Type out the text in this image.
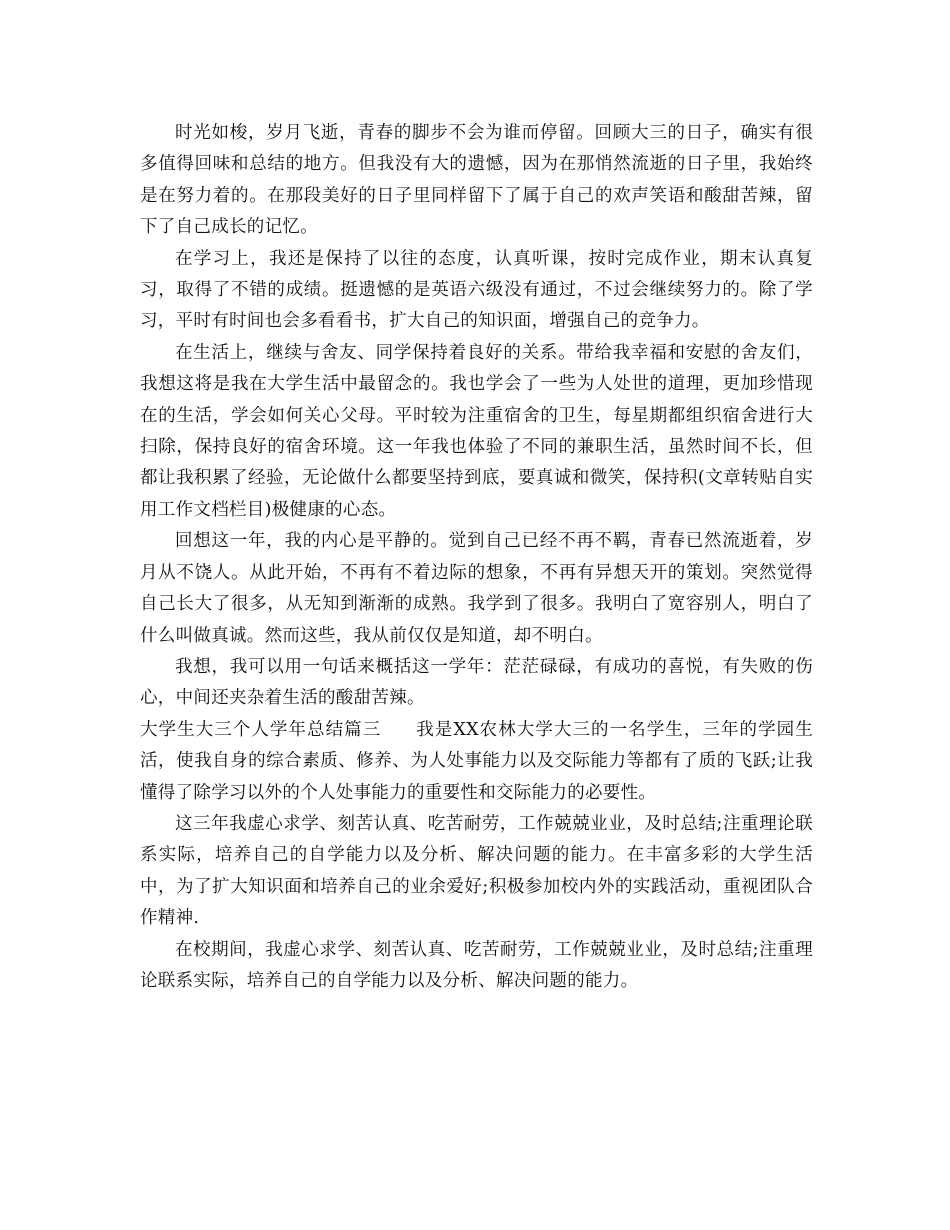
时光如梭，岁月飞逝，青春的脚步不会为谁而停留。回顾大三的日子，确实有很多值得回味和总结的地方。但我没有大的遗憾，因为在那悄然流逝的日子里，我始终是在努力着的。在那段美好的日子里同样留下了属于自己的欢声笑语和酸甜苦辣，留下了自己成长的记忆。

在学习上，我还是保持了以往的态度，认真听课，按时完成作业，期末认真复习，取得了不错的成绩。挺遗憾的是英语六级没有通过，不过会继续努力的。除了学习，平时有时间也会多看看书，扩大自己的知识面，增强自己的竞争力。

在生活上，继续与舍友、同学保持着良好的关系。带给我幸福和安慰的舍友们，我想这将是我在大学生活中最留念的。我也学会了一些为人处世的道理，更加珍惜现在的生活，学会如何关心父母。平时较为注重宿舍的卫生，每星期都组织宿舍进行大扫除，保持良好的宿舍环境。这一年我也体验了不同的兼职生活，虽然时间不长，但都让我积累了经验，无论做什么都要坚持到底，要真诚和微笑，保持积(文章转贴自实用工作文档栏目)极健康的心态。

回想这一年，我的内心是平静的。觉到自己已经不再不羁，青春已然流逝着，岁月从不饶人。从此开始，不再有不着边际的想象，不再有异想天开的策划。突然觉得自己长大了很多，从无知到渐渐的成熟。我学到了很多。我明白了宽容别人，明白了什么叫做真诚。然而这些，我从前仅仅是知道，却不明白。

我想，我可以用一句话来概括这一学年：茫茫碌碌，有成功的喜悦，有失败的伤心，中间还夹杂着生活的酸甜苦辣。

大学生大三个人学年总结篇三 我是XX农林大学大三的一名学生，三年的学园生活，使我自身的综合素质、修养、为人处事能力以及交际能力等都有了质的飞跃;让我懂得了除学习以外的个人处事能力的重要性和交际能力的必要性。

这三年我虚心求学、刻苦认真、吃苦耐劳，工作兢兢业业，及时总结;注重理论联系实际，培养自己的自学能力以及分析、解决问题的能力。在丰富多彩的大学生活中，为了扩大知识面和培养自己的业余爱好;积极参加校内外的实践活动，重视团队合作精神.

在校期间，我虚心求学、刻苦认真、吃苦耐劳，工作兢兢业业，及时总结;注重理论联系实际，培养自己的自学能力以及分析、解决问题的能力。
